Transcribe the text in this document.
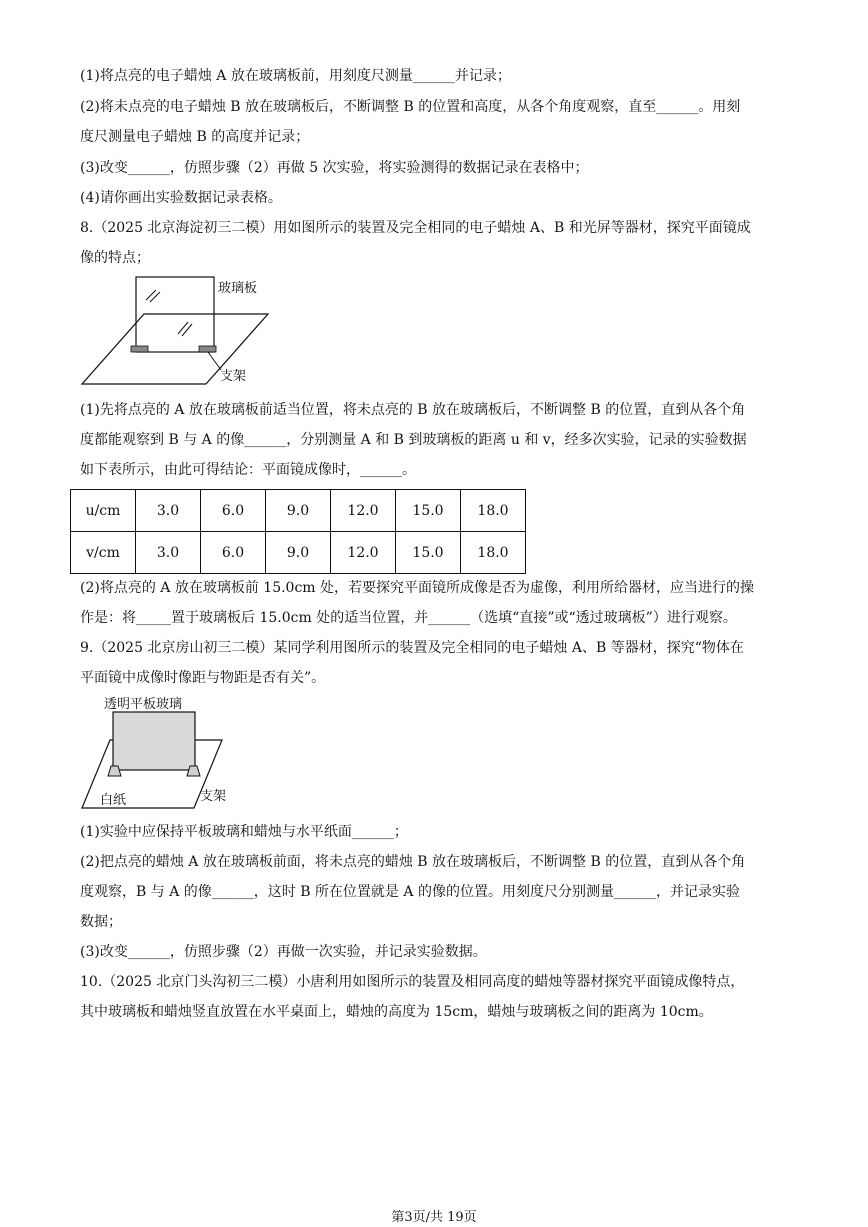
(1)将点亮的电子蜡烛 A 放在玻璃板前，用刻度尺测量______并记录；
(2)将未点亮的电子蜡烛 B 放在玻璃板后，不断调整 B 的位置和高度，从各个角度观察，直至______。用刻
度尺测量电子蜡烛 B 的高度并记录；
(3)改变______，仿照步骤（2）再做 5 次实验，将实验测得的数据记录在表格中；
(4)请你画出实验数据记录表格。
8.（2025 北京海淀初三二模）用如图所示的装置及完全相同的电子蜡烛 A、B 和光屏等器材，探究平面镜成
像的特点；
玻璃板
支架
(1)先将点亮的 A 放在玻璃板前适当位置，将未点亮的 B 放在玻璃板后，不断调整 B 的位置，直到从各个角
度都能观察到 B 与 A 的像______，分别测量 A 和 B 到玻璃板的距离 u 和 v，经多次实验，记录的实验数据
如下表所示，由此可得结论：平面镜成像时，______。
u/cm	3.0	6.0	9.0	12.0	15.0	18.0
v/cm	3.0	6.0	9.0	12.0	15.0	18.0
(2)将点亮的 A 放在玻璃板前 15.0cm 处，若要探究平面镜所成像是否为虚像，利用所给器材，应当进行的操
作是：将_____置于玻璃板后 15.0cm 处的适当位置，并______（选填“直接”或“透过玻璃板”）进行观察。
9.（2025 北京房山初三二模）某同学利用图所示的装置及完全相同的电子蜡烛 A、B 等器材，探究“物体在
平面镜中成像时像距与物距是否有关”。
透明平板玻璃
白纸	支架
(1)实验中应保持平板玻璃和蜡烛与水平纸面______；
(2)把点亮的蜡烛 A 放在玻璃板前面，将未点亮的蜡烛 B 放在玻璃板后，不断调整 B 的位置，直到从各个角
度观察，B 与 A 的像______，这时 B 所在位置就是 A 的像的位置。用刻度尺分别测量______，并记录实验
数据；
(3)改变______，仿照步骤（2）再做一次实验，并记录实验数据。
10.（2025 北京门头沟初三二模）小唐利用如图所示的装置及相同高度的蜡烛等器材探究平面镜成像特点，
其中玻璃板和蜡烛竖直放置在水平桌面上，蜡烛的高度为 15cm，蜡烛与玻璃板之间的距离为 10cm。
第3页/共 19页
